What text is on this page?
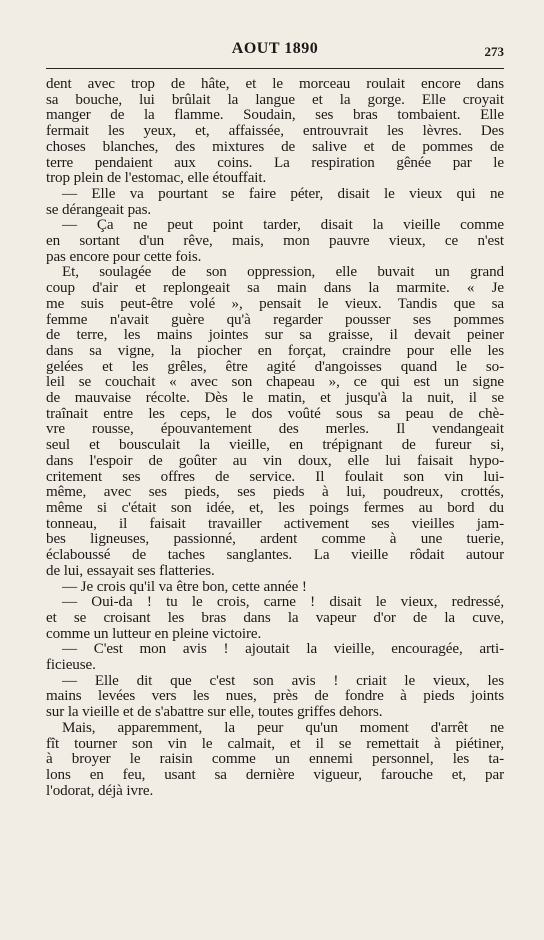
AOUT 1890	273
dent avec trop de hâte, et le morceau roulait encore dans
sa bouche, lui brûlait la langue et la gorge. Elle croyait
manger de la flamme. Soudain, ses bras tombaient. Elle
fermait les yeux, et, affaissée, entrouvrait les lèvres. Des
choses blanches, des mixtures de salive et de pommes de
terre pendaient aux coins. La respiration gênée par le
trop plein de l'estomac, elle étouffait.
— Elle va pourtant se faire péter, disait le vieux qui ne
se dérangeait pas.
— Ça ne peut point tarder, disait la vieille comme
en sortant d'un rêve, mais, mon pauvre vieux, ce n'est
pas encore pour cette fois.
Et, soulagée de son oppression, elle buvait un grand
coup d'air et replongeait sa main dans la marmite. « Je
me suis peut-être volé », pensait le vieux. Tandis que sa
femme n'avait guère qu'à regarder pousser ses pommes
de terre, les mains jointes sur sa graisse, il devait peiner
dans sa vigne, la piocher en forçat, craindre pour elle les
gelées et les grêles, être agité d'angoisses quand le so-
leil se couchait « avec son chapeau », ce qui est un signe
de mauvaise récolte. Dès le matin, et jusqu'à la nuit, il se
traînait entre les ceps, le dos voûté sous sa peau de chè-
vre rousse, épouvantement des merles. Il vendangeait
seul et bousculait la vieille, en trépignant de fureur si,
dans l'espoir de goûter au vin doux, elle lui faisait hypo-
critement ses offres de service. Il foulait son vin lui-
même, avec ses pieds, ses pieds à lui, poudreux, crottés,
même si c'était son idée, et, les poings fermes au bord du
tonneau, il faisait travailler activement ses vieilles jam-
bes ligneuses, passionné, ardent comme à une tuerie,
éclaboussé de taches sanglantes. La vieille rôdait autour
de lui, essayait ses flatteries.
— Je crois qu'il va être bon, cette année !
— Oui-da ! tu le crois, carne ! disait le vieux, redressé,
et se croisant les bras dans la vapeur d'or de la cuve,
comme un lutteur en pleine victoire.
— C'est mon avis ! ajoutait la vieille, encouragée, arti-
ficieuse.
— Elle dit que c'est son avis ! criait le vieux, les
mains levées vers les nues, près de fondre à pieds joints
sur la vieille et de s'abattre sur elle, toutes griffes dehors.
Mais, apparemment, la peur qu'un moment d'arrêt ne
fît tourner son vin le calmait, et il se remettait à piétiner,
à broyer le raisin comme un ennemi personnel, les ta-
lons en feu, usant sa dernière vigueur, farouche et, par
l'odorat, déjà ivre.
